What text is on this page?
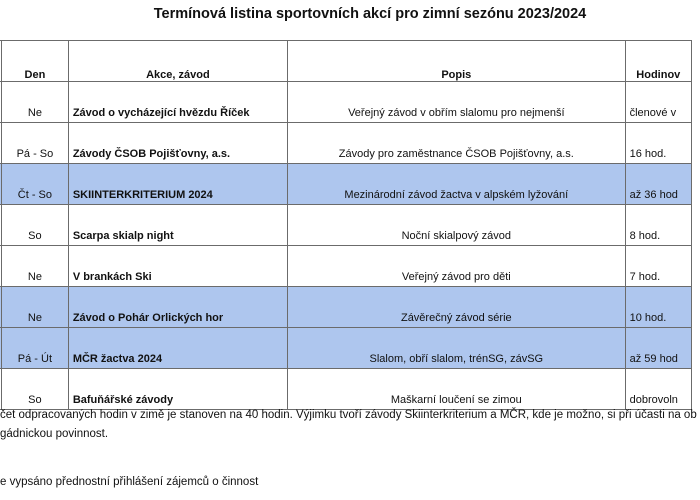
Termínová listina sportovních akcí pro zimní sezónu 2023/2024
	Den	Akce, závod	Popis	Hodinov
	Ne	Závod o vycházející hvězdu Říček	Veřejný závod v obřím slalomu pro nejmenší	členové v
	Pá - So	Závody ČSOB Pojišťovny, a.s.	Závody pro zaměstnance ČSOB Pojišťovny, a.s.	16 hod.
	Čt - So	SKIINTERKRITERIUM 2024	Mezinárodní závod žactva v alpském lyžování	až 36 hod
	So	Scarpa skialp night	Noční skialpový závod	8 hod.
	Ne	V brankách Ski	Veřejný závod pro děti	7 hod.
	Ne	Závod o Pohár Orlických hor	Závěrečný závod série	10 hod.
	Pá - Út	MČR žactva 2024	Slalom, obří slalom, trénSG, závSG	až 59 hod
	So	Bafuňářské závody	Maškarní loučení se zimou	dobrovoln
čet odpracovaných hodin v zimě je stanoven na 40 hodin. Výjimku tvoří závody Skiinterkriterium a MČR, kde je možno, si při účasti na ob
gádnickou povinnost.
e vypsáno přednostní přihlášení zájemců o činnost
